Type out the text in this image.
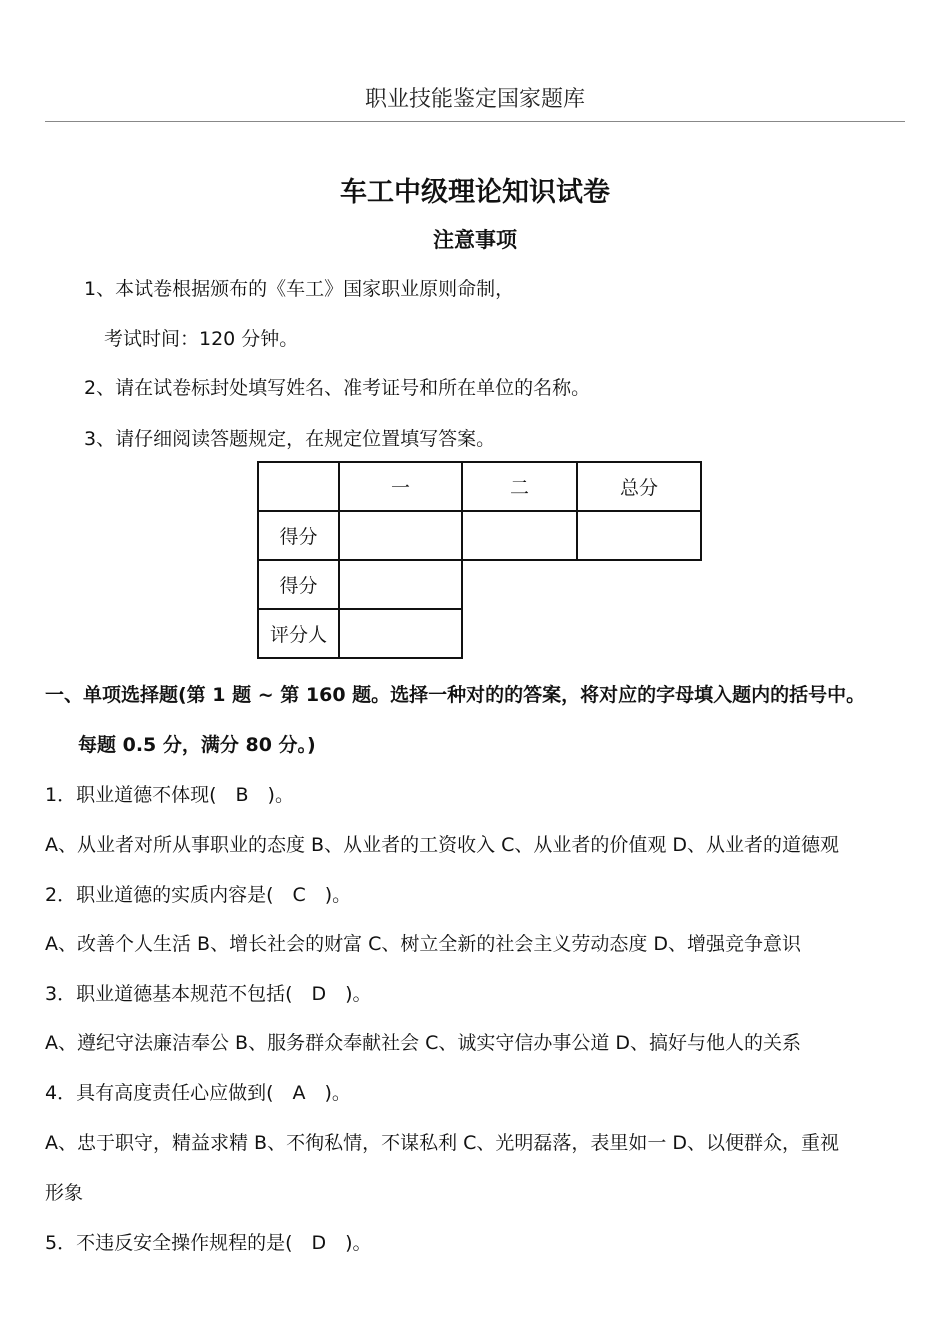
职业技能鉴定国家题库
车工中级理论知识试卷
注意事项
1、本试卷根据颁布的《车工》国家职业原则命制，
考试时间：120 分钟。
2、请在试卷标封处填写姓名、准考证号和所在单位的名称。
3、请仔细阅读答题规定，在规定位置填写答案。
	一	二	总分
得分			
得分			
评分人			
一、单项选择题(第 1 题 ~ 第 160 题。选择一种对的的答案，将对应的字母填入题内的括号中。
每题 0.5 分，满分 80 分。)
1．职业道德不体现(　B　)。
A、从业者对所从事职业的态度 B、从业者的工资收入 C、从业者的价值观 D、从业者的道德观
2．职业道德的实质内容是(　C　)。
A、改善个人生活 B、增长社会的财富 C、树立全新的社会主义劳动态度 D、增强竞争意识
3．职业道德基本规范不包括(　D　)。
A、遵纪守法廉洁奉公 B、服务群众奉献社会 C、诚实守信办事公道 D、搞好与他人的关系
4．具有高度责任心应做到(　A　)。
A、忠于职守，精益求精 B、不徇私情，不谋私利 C、光明磊落，表里如一 D、以便群众，重视
形象
5．不违反安全操作规程的是(　D　)。
